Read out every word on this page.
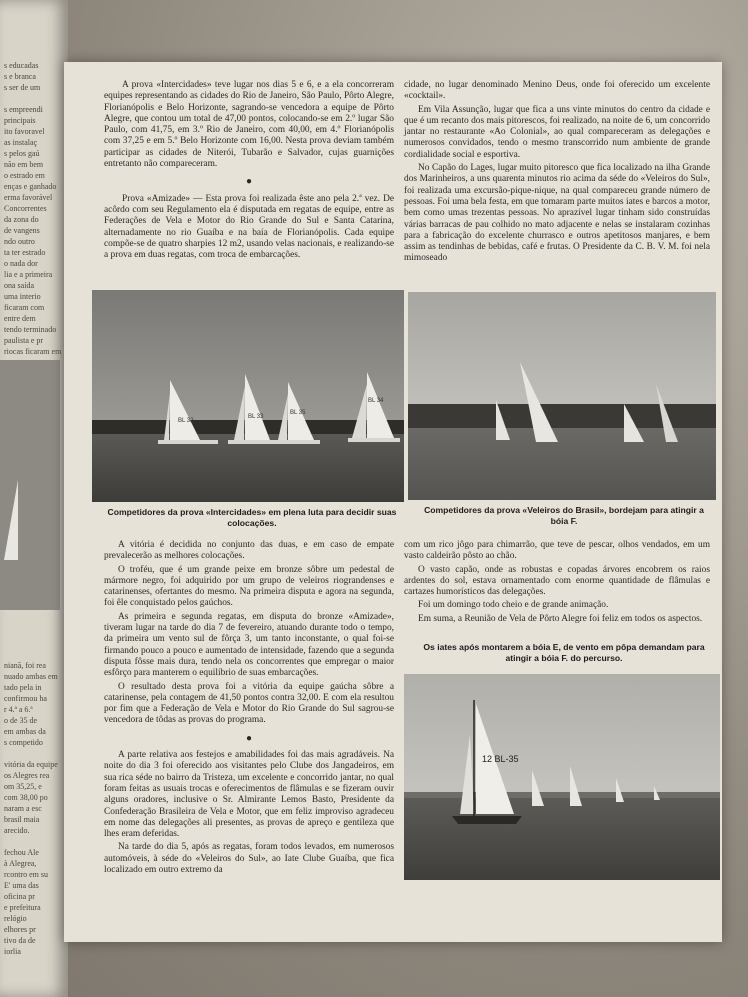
s educadas
s e branca
s ser de um
s empreendi
principais
ito favoravel
as instalaç
s pelos gaú
não em bem
o estrado em
enças e ganhado
erma favorável
Concorrentes
da zona do
de vangens
ndo outro
ta ter estrado
o nada dor
lia e a primeira
ona saída
uma interio
ficaram com
entre dem
tendo terminado
paulista e pr
riocas ficaram em
nianã, foi rea
nuado ambas em
tado pela in
confirmou ha
r 4.ª a 6.ª
o de 35 de
em ambas da
s competido
vitória da equipe
os Alegres rea
om 35,25, e
com 38,00 po
naram a esc
brasil maia
arecido.
fechou Ale
à Alegrea,
rcontro em su
E' uma das
oficina pr
e prefeitura
relógio
elhores pr
tivo da de
iorlia

A prova «Intercidades» teve lugar nos dias 5 e 6, e a ela concorreram equipes representando as cidades do Rio de Janeiro, São Paulo, Pôrto Alegre, Florianópolis e Belo Horizonte, sagrando-se vencedora a equipe de Pôrto Alegre, que contou um total de 47,00 pontos, colocando-se em 2.º lugar São Paulo, com 41,75, em 3.º Rio de Janeiro, com 40,00, em 4.º Florianópolis com 37,25 e em 5.º Belo Horizonte com 16,00. Nesta prova deviam também participar as cidades de Niterói, Tubarão e Salvador, cujas guarnições entretanto não compareceram.

●

Prova «Amizade» — Esta prova foi realizada êste ano pela 2.ª vez. De acôrdo com seu Regulamento ela é disputada em regatas de equipe, entre as Federações de Vela e Motor do Rio Grande do Sul e Santa Catarina, alternadamente no rio Guaíba e na baía de Florianópolis. Cada equipe compõe-se de quatro sharpies 12 m2, usando velas nacionais, e realizando-se a prova em duas regatas, com troca de embarcações.

cidade, no lugar denominado Menino Deus, onde foi oferecido um excelente «cocktail».

Em Vila Assunção, lugar que fica a uns vinte minutos do centro da cidade e que é um recanto dos mais pitorescos, foi realizado, na noite de 6, um concorrido jantar no restaurante «Ao Colonial», ao qual compareceram as delegações e numerosos convidados, tendo o mesmo transcorrido num ambiente de grande cordialidade social e esportiva.

No Capão do Lages, lugar muito pitoresco que fica localizado na ilha Grande dos Marinheiros, a uns quarenta minutos rio acima da séde do «Veleiros do Sul», foi realizada uma excursão-pique-nique, na qual compareceu grande número de pessoas. Foi uma bela festa, em que tomaram parte muitos iates e barcos a motor, bem como umas trezentas pessoas. No aprazível lugar tinham sido construídas várias barracas de pau colhido no mato adjacente e nelas se instalaram cozinhas para a fabricação do excelente churrasco e outros apetitosos manjares, e bem assim as tendinhas de bebidas, café e frutas. O Presidente da C. B. V. M. foi nela mimoseado

BL 32
BL 33
BL 35
BL 34
Competidores da prova «Intercidades» em plena luta para decidir suas colocações.
Competidores da prova «Veleiros do Brasil», bordejam para atingir a bóia F.

A vitória é decidida no conjunto das duas, e em caso de empate prevalecerão as melhores colocações.

O troféu, que é um grande peixe em bronze sôbre um pedestal de mármore negro, foi adquirido por um grupo de veleiros riograndenses e catarinenses, ofertantes do mesmo. Na primeira disputa e agora na segunda, foi êle conquistado pelos gaúchos.

As primeira e segunda regatas, em disputa do bronze «Amizade», tiveram lugar na tarde do dia 7 de fevereiro, atuando durante todo o tempo, da primeira um vento sul de fôrça 3, um tanto inconstante, o qual foi-se firmando pouco a pouco e aumentado de intensidade, fazendo que a segunda disputa fôsse mais dura, tendo nela os concorrentes que empregar o maior esfôrço para manterem o equilíbrio de suas embarcações.

O resultado desta prova foi a vitória da equipe gaúcha sôbre a catarinense, pela contagem de 41,50 pontos contra 32,00. E com ela resultou por fim que a Federação de Vela e Motor do Rio Grande do Sul sagrou-se vencedora de tôdas as provas do programa.

●

A parte relativa aos festejos e amabilidades foi das mais agradáveis. Na noite do dia 3 foi oferecido aos visitantes pelo Clube dos Jangadeiros, em sua rica séde no bairro da Tristeza, um excelente e concorrido jantar, no qual foram feitas as usuais trocas e oferecimentos de flâmulas e se fizeram ouvir alguns oradores, inclusive o Sr. Almirante Lemos Basto, Presidente da Confederação Brasileira de Vela e Motor, que em feliz improviso agradeceu em nome das delegações ali presentes, as provas de apreço e gentileza que lhes eram deferidas.

Na tarde do dia 5, após as regatas, foram todos levados, em numerosos automóveis, à séde do «Veleiros do Sul», ao Iate Clube Guaíba, que fica localizado em outro extremo da

com um rico jôgo para chimarrão, que teve de pescar, olhos vendados, em um vasto caldeirão pôsto ao chão.

O vasto capão, onde as robustas e copadas árvores encobrem os raios ardentes do sol, estava ornamentado com enorme quantidade de flâmulas e cartazes humorísticos das delegações.

Foi um domingo todo cheio e de grande animação.

Em suma, a Reunião de Vela de Pôrto Alegre foi feliz em todos os aspectos.

Os iates após montarem a bóia E, de vento em pôpa demandam para atingir a bóia F. do percurso.
12 BL-35
